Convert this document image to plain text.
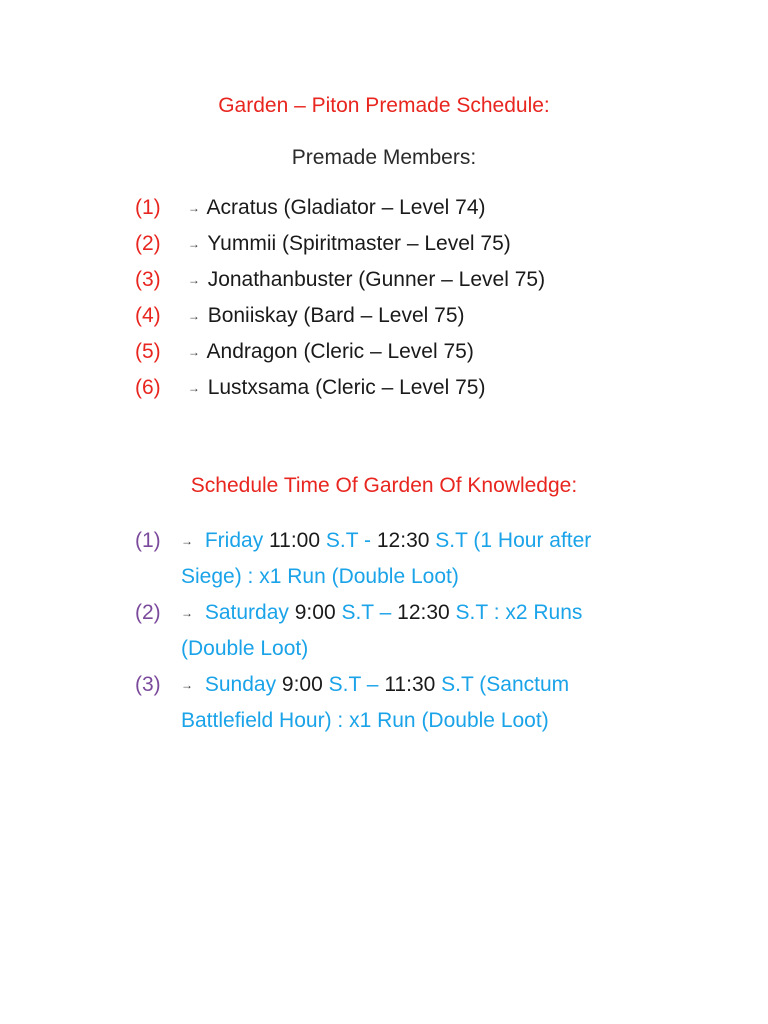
Garden – Piton Premade Schedule:
Premade Members:
(1) → Acratus (Gladiator – Level 74)
(2) → Yummii (Spiritmaster – Level 75)
(3) → Jonathanbuster (Gunner – Level 75)
(4) → Boniiskay (Bard – Level 75)
(5) → Andragon (Cleric – Level 75)
(6) → Lustxsama (Cleric – Level 75)
Schedule Time Of Garden Of Knowledge:
(1)	→ Friday 11:00 S.T - 12:30 S.T (1 Hour after
Siege) : x1 Run (Double Loot)
(2)	→ Saturday 9:00 S.T – 12:30 S.T : x2 Runs
(Double Loot)
(3)	→ Sunday 9:00 S.T – 11:30 S.T (Sanctum
Battlefield Hour) : x1 Run (Double Loot)
